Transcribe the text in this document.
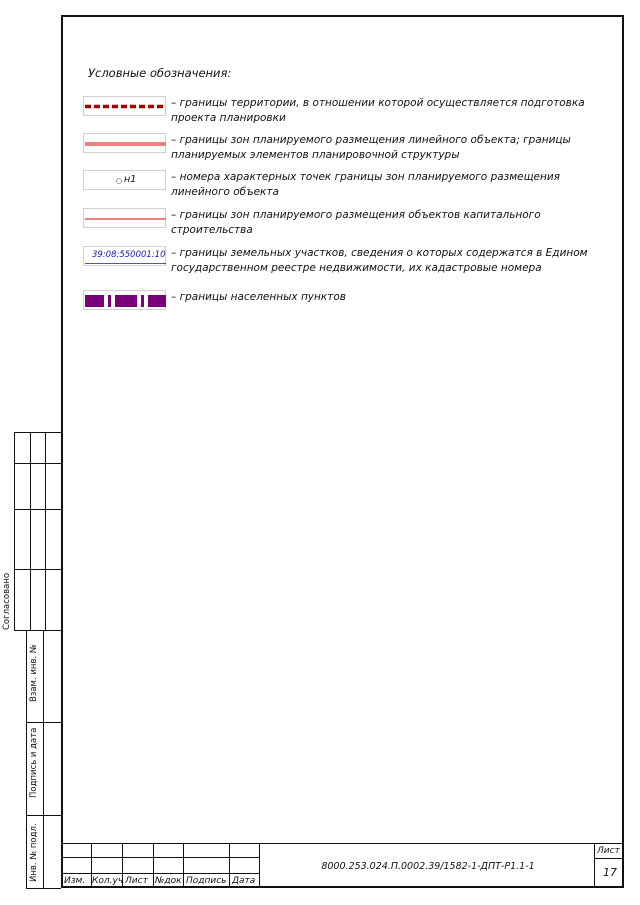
Условные обозначения:
– границы территории, в отношении которой осуществляется подготовка
проекта планировки
– границы зон планируемого размещения линейного объекта; границы
планируемых элементов планировочной структуры
н1	– номера характерных точек границы зон планируемого размещения
линейного объекта
– границы зон планируемого размещения объектов капитального
строительства
39:08:550001:10 – границы земельных участков, сведения о которых содержатся в Едином
государственном реестре недвижимости, их кадастровые номера
– границы населенных пунктов
Согласовано
Взам. инв. №
Подпись и дата
Инв. № подл.	Изм. Кол.уч Лист №док Подпись Дата
8000.253.024.П.0002.39/1582-1-ДПТ-Р1.1-1
Лист
17
